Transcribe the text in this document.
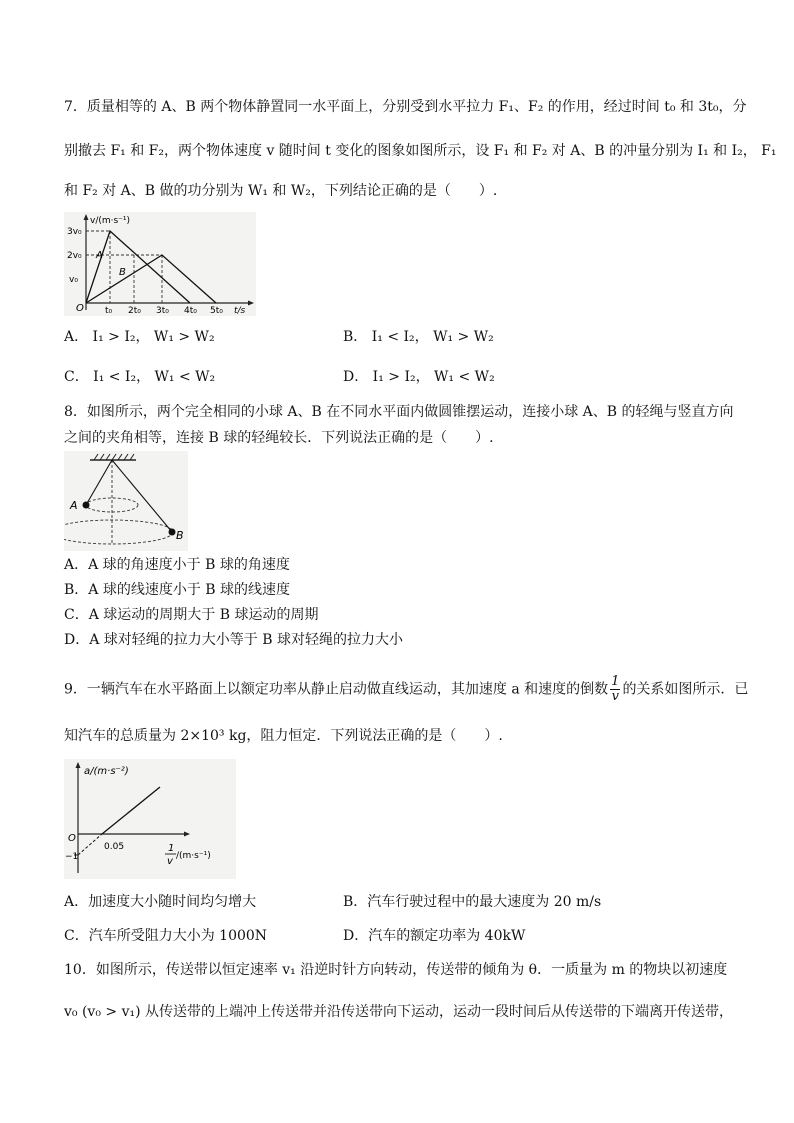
7．质量相等的 A、B 两个物体静置同一水平面上，分别受到水平拉力 F₁、F₂ 的作用，经过时间 t₀ 和 3t₀，分
别撤去 F₁ 和 F₂，两个物体速度 v 随时间 t 变化的图象如图所示，设 F₁ 和 F₂ 对 A、B 的冲量分别为 I₁ 和 I₂， F₁
和 F₂ 对 A、B 做的功分别为 W₁ 和 W₂，下列结论正确的是（　　）.
v/(m·s⁻¹)
3v₀
2v₀
v₀
O t₀ 2t₀ 3t₀ 4t₀ 5t₀ t/s
A
B
A． I₁ > I₂， W₁ > W₂	B． I₁ < I₂， W₁ > W₂
C． I₁ < I₂， W₁ < W₂	D． I₁ > I₂， W₁ < W₂
8．如图所示，两个完全相同的小球 A、B 在不同水平面内做圆锥摆运动，连接小球 A、B 的轻绳与竖直方向
之间的夹角相等，连接 B 球的轻绳较长．下列说法正确的是（　　）.
A
B
A．A 球的角速度小于 B 球的角速度
B．A 球的线速度小于 B 球的线速度
C．A 球运动的周期大于 B 球运动的周期
D．A 球对轻绳的拉力大小等于 B 球对轻绳的拉力大小
9．一辆汽车在水平路面上以额定功率从静止启动做直线运动，其加速度 a 和速度的倒数 $\frac{1}{v}$ 的关系如图所示．已
知汽车的总质量为 2×10³ kg，阻力恒定．下列说法正确的是（　　）.
a/(m·s⁻²)
O
−1
0.05	1
v /(m·s⁻¹)
A．加速度大小随时间均匀增大	B．汽车行驶过程中的最大速度为 20 m/s
C．汽车所受阻力大小为 1000N	D．汽车的额定功率为 40kW
10．如图所示，传送带以恒定速率 v₁ 沿逆时针方向转动，传送带的倾角为 θ．一质量为 m 的物块以初速度
v₀ (v₀ > v₁) 从传送带的上端冲上传送带并沿传送带向下运动，运动一段时间后从传送带的下端离开传送带，
